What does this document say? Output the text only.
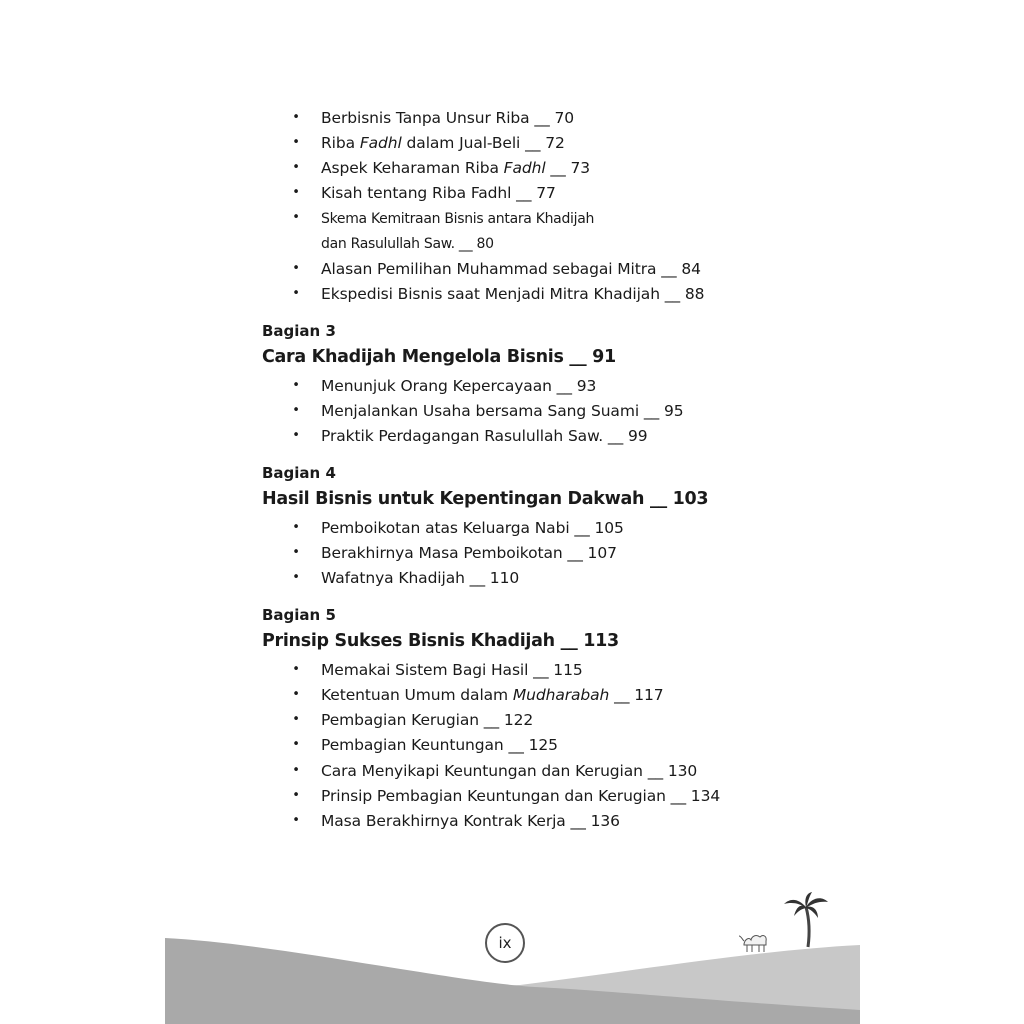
• Berbisnis Tanpa Unsur Riba __ 70
• Riba Fadhl dalam Jual-Beli __ 72
• Aspek Keharaman Riba Fadhl __ 73
• Kisah tentang Riba Fadhl __ 77
• Skema Kemitraan Bisnis antara Khadijah
dan Rasulullah Saw. __ 80
• Alasan Pemilihan Muhammad sebagai Mitra __ 84
• Ekspedisi Bisnis saat Menjadi Mitra Khadijah __ 88
Bagian 3
Cara Khadijah Mengelola Bisnis __ 91
• Menunjuk Orang Kepercayaan __ 93
• Menjalankan Usaha bersama Sang Suami __ 95
• Praktik Perdagangan Rasulullah Saw. __ 99
Bagian 4
Hasil Bisnis untuk Kepentingan Dakwah __ 103
• Pemboikotan atas Keluarga Nabi __ 105
• Berakhirnya Masa Pemboikotan __ 107
• Wafatnya Khadijah __ 110
Bagian 5
Prinsip Sukses Bisnis Khadijah __ 113
• Memakai Sistem Bagi Hasil __ 115
• Ketentuan Umum dalam Mudharabah __ 117
• Pembagian Kerugian __ 122
• Pembagian Keuntungan __ 125
• Cara Menyikapi Keuntungan dan Kerugian __ 130
• Prinsip Pembagian Keuntungan dan Kerugian __ 134
• Masa Berakhirnya Kontrak Kerja __ 136
ix
